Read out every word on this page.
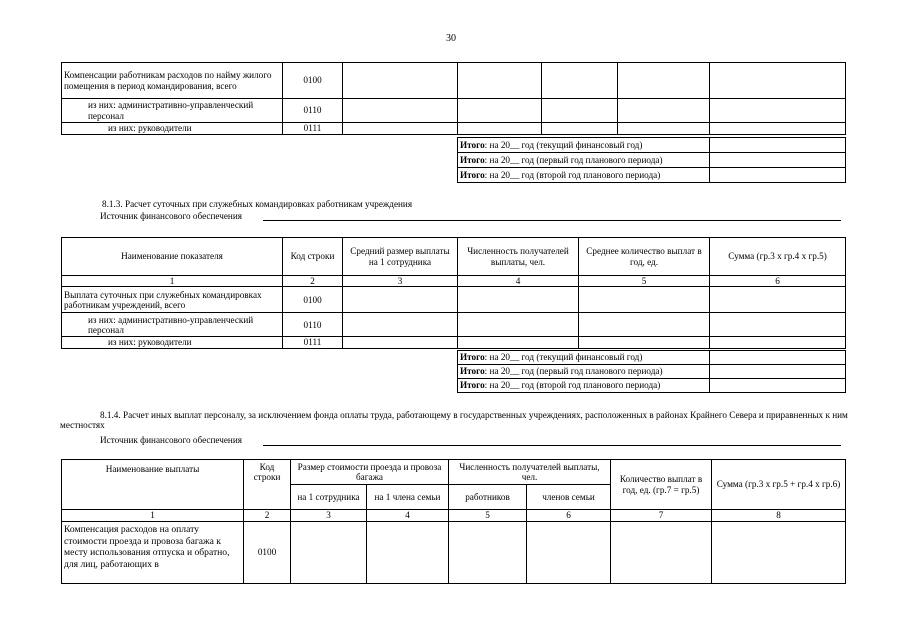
30
Компенсации работникам расходов по найму жилого помещения в период командирования, всего	0100					
из них: административно-управленческий персонал	0110					
из них: руководители	0111					
Итого: на 20__ год (текущий финансовый год)	
Итого: на 20__ год (первый год планового периода)	
Итого: на 20__ год (второй год планового периода)	
8.1.3. Расчет суточных при служебных командировках работникам учреждения
Источник финансового обеспечения
Наименование показателя	Код строки	Средний размер выплаты на 1 сотрудника	Численность получателей выплаты, чел.	Среднее количество выплат в год, ед.	Сумма (гр.3 x гр.4 x гр.5)
1	2	3	4	5	6
Выплата суточных при служебных командировках работникам учреждений, всего	0100				
из них: административно-управленческий персонал	0110				
из них: руководители	0111				
Итого: на 20__ год (текущий финансовый год)	
Итого: на 20__ год (первый год планового периода)	
Итого: на 20__ год (второй год планового периода)	
8.1.4. Расчет иных выплат персоналу, за исключением фонда оплаты труда, работающему в государственных учреждениях, расположенных в районах Крайнего Севера и приравненных к ним местностях
Источник финансового обеспечения
Наименование выплаты	Код строки	Размер стоимости проезда и провоза багажа		Численность получателей выплаты, чел.		Количество выплат в год, ед. (гр.7 = гр.5)	Сумма (гр.3 x гр.5 + гр.4 x гр.6)
		на 1 сотрудника	на 1 члена семьи	работников	членов семьи		
1	2	3	4	5	6	7	8
Компенсация расходов на оплату стоимости проезда и провоза багажа к месту использования отпуска и обратно, для лиц, работающих в	0100						
